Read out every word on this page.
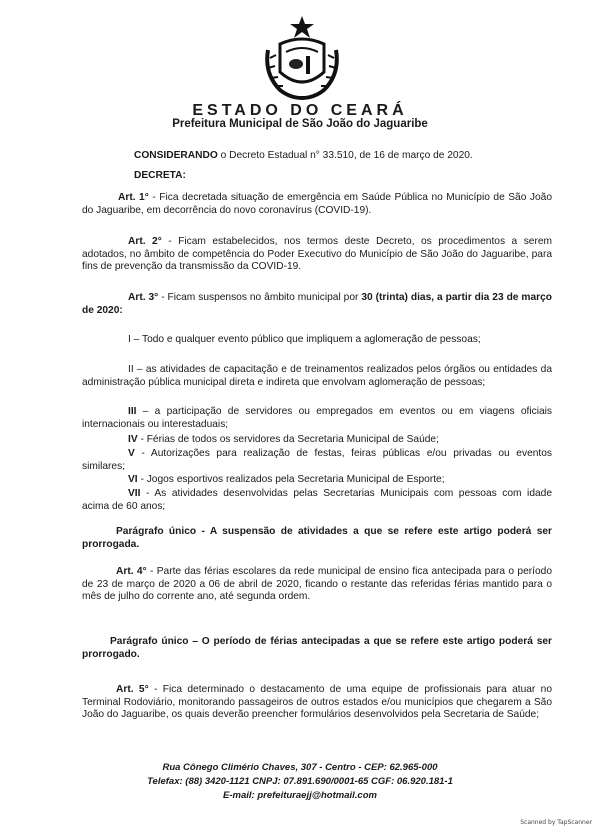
ESTADO DO CEARÁ
Prefeitura Municipal de São João do Jaguaribe
CONSIDERANDO o Decreto Estadual n° 33.510, de 16 de março de 2020.
DECRETA:
Art. 1° - Fica decretada situação de emergência em Saúde Pública no Município de São João do Jaguaribe, em decorrência do novo coronavírus (COVID-19).
Art. 2° - Ficam estabelecidos, nos termos deste Decreto, os procedimentos a serem adotados, no âmbito de competência do Poder Executivo do Município de São João do Jaguaribe, para fins de prevenção da transmissão da COVID-19.
Art. 3° - Ficam suspensos no âmbito municipal por 30 (trinta) dias, a partir dia 23 de março de 2020:
I – Todo e qualquer evento público que impliquem a aglomeração de pessoas;
II – as atividades de capacitação e de treinamentos realizados pelos órgãos ou entidades da administração pública municipal direta e indireta que envolvam aglomeração de pessoas;
III – a participação de servidores ou empregados em eventos ou em viagens oficiais internacionais ou interestaduais;
IV - Férias de todos os servidores da Secretaria Municipal de Saúde;
V - Autorizações para realização de festas, feiras públicas e/ou privadas ou eventos similares;
VI - Jogos esportivos realizados pela Secretaria Municipal de Esporte;
VII - As atividades desenvolvidas pelas Secretarias Municipais com pessoas com idade acima de 60 anos;
Parágrafo único - A suspensão de atividades a que se refere este artigo poderá ser prorrogada.
Art. 4° - Parte das férias escolares da rede municipal de ensino fica antecipada para o período de 23 de março de 2020 a 06 de abril de 2020, ficando o restante das referidas férias mantido para o mês de julho do corrente ano, até segunda ordem.
Parágrafo único – O período de férias antecipadas a que se refere este artigo poderá ser prorrogado.
Art. 5° - Fica determinado o destacamento de uma equipe de profissionais para atuar no Terminal Rodoviário, monitorando passageiros de outros estados e/ou municípios que chegarem a São João do Jaguaribe, os quais deverão preencher formulários desenvolvidos pela Secretaria de Saúde;
Rua Cônego Climério Chaves, 307 - Centro - CEP: 62.965-000
Telefax: (88) 3420-1121 CNPJ: 07.891.690/0001-65 CGF: 06.920.181-1
E-mail: prefeituraejj@hotmail.com
Scanned by TapScanner
